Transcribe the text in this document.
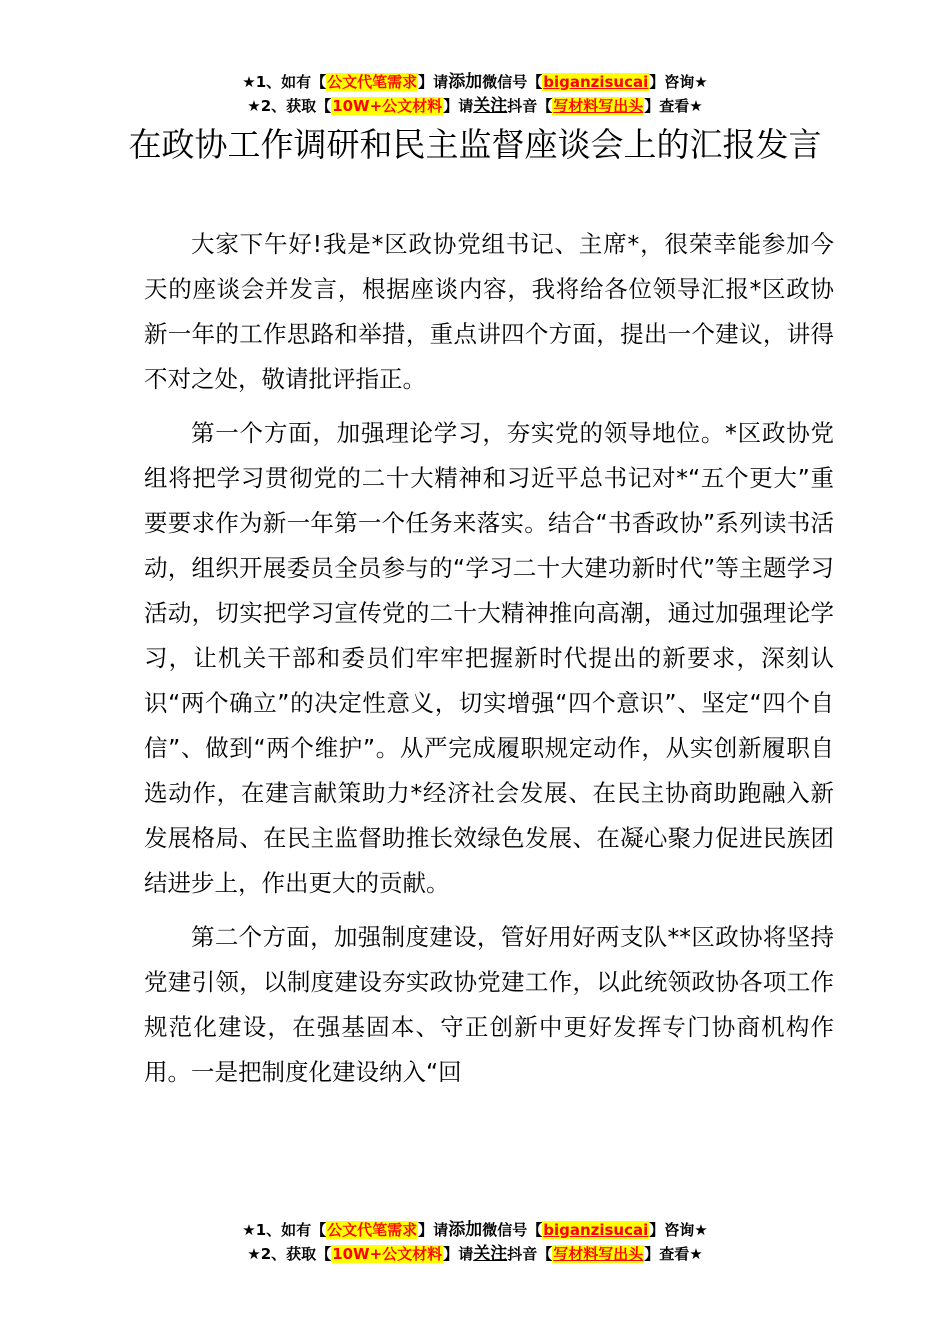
★1、如有【公文代笔需求】请添加微信号【biganzisucai】咨询★
★2、获取【10W+公文材料】请关注抖音【写材料写出头】查看★
在政协工作调研和民主监督座谈会上的汇报发言

大家下午好!我是*区政协党组书记、主席*，很荣幸能参加今天的座谈会并发言，根据座谈内容，我将给各位领导汇报*区政协新一年的工作思路和举措，重点讲四个方面，提出一个建议，讲得不对之处，敬请批评指正。

第一个方面，加强理论学习，夯实党的领导地位。*区政协党组将把学习贯彻党的二十大精神和习近平总书记对*“五个更大”重要要求作为新一年第一个任务来落实。结合“书香政协”系列读书活动，组织开展委员全员参与的“学习二十大建功新时代”等主题学习活动，切实把学习宣传党的二十大精神推向高潮，通过加强理论学习，让机关干部和委员们牢牢把握新时代提出的新要求，深刻认识“两个确立”的决定性意义，切实增强“四个意识”、坚定“四个自信”、做到“两个维护”。从严完成履职规定动作，从实创新履职自选动作，在建言献策助力*经济社会发展、在民主协商助跑融入新发展格局、在民主监督助推长效绿色发展、在凝心聚力促进民族团结进步上，作出更大的贡献。

第二个方面，加强制度建设，管好用好两支队**区政协将坚持党建引领，以制度建设夯实政协党建工作，以此统领政协各项工作规范化建设，在强基固本、守正创新中更好发挥专门协商机构作用。一是把制度化建设纳入“回

★1、如有【公文代笔需求】请添加微信号【biganzisucai】咨询★
★2、获取【10W+公文材料】请关注抖音【写材料写出头】查看★
